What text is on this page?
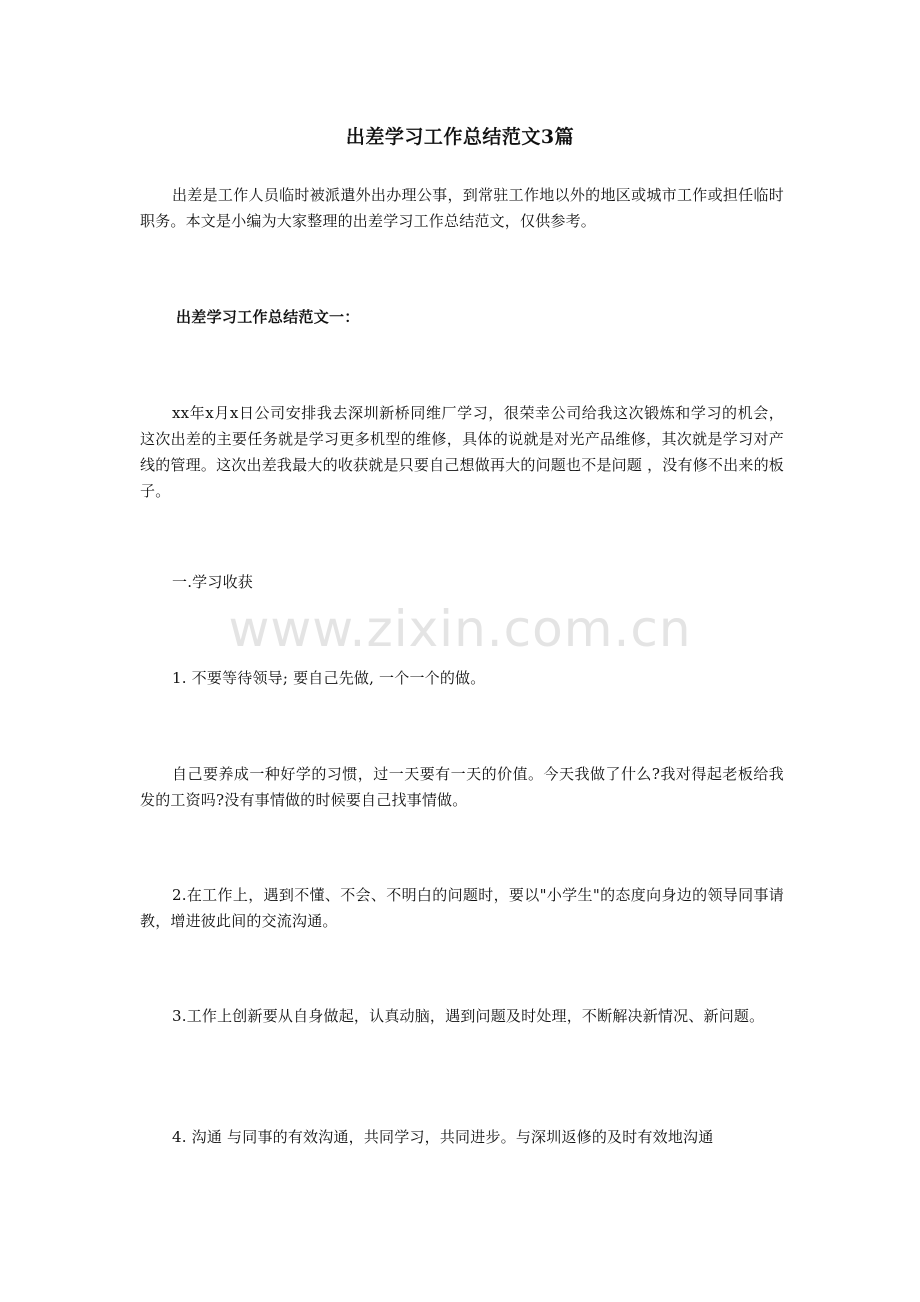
出差学习工作总结范文3篇

出差是工作人员临时被派遣外出办理公事，到常驻工作地以外的地区或城市工作或担任临时职务。本文是小编为大家整理的出差学习工作总结范文，仅供参考。

出差学习工作总结范文一：

xx年x月x日公司安排我去深圳新桥同维厂学习，很荣幸公司给我这次锻炼和学习的机会，这次出差的主要任务就是学习更多机型的维修，具体的说就是对光产品维修，其次就是学习对产线的管理。这次出差我最大的收获就是只要自己想做再大的问题也不是问题 ，没有修不出来的板子。

一.学习收获

www.zixin.com.cn

1. 不要等待领导; 要自己先做, 一个一个的做。

自己要养成一种好学的习惯，过一天要有一天的价值。今天我做了什么?我对得起老板给我发的工资吗?没有事情做的时候要自己找事情做。

2.在工作上，遇到不懂、不会、不明白的问题时，要以"小学生"的态度向身边的领导同事请教，增进彼此间的交流沟通。

3.工作上创新要从自身做起，认真动脑，遇到问题及时处理，不断解决新情况、新问题。

4. 沟通 与同事的有效沟通，共同学习，共同进步。与深圳返修的及时有效地沟通
